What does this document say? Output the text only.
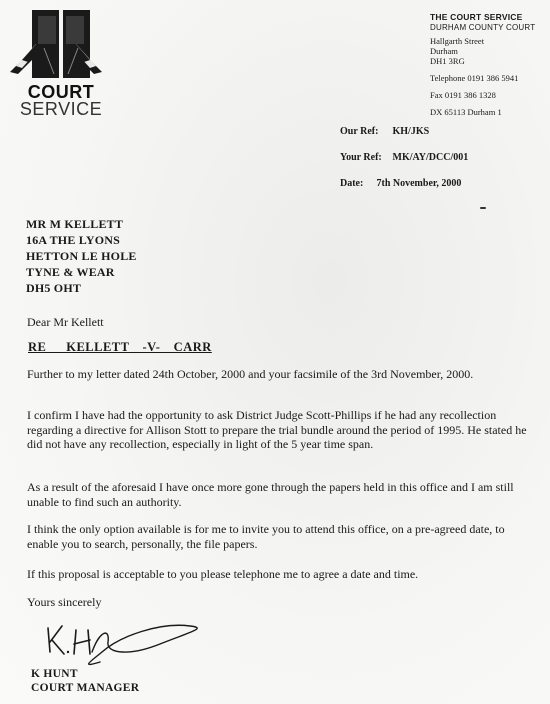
COURT
SERVICE
THE COURT SERVICE
DURHAM COUNTY COURT
Hallgarth Street
Durham
DH1 3RG
Telephone 0191 386 5941
Fax 0191 386 1328
DX 65113 Durham 1
Our Ref: KH/JKS
Your Ref: MK/AY/DCC/001
Date: 7th November, 2000
MR M KELLETT
16A THE LYONS
HETTON LE HOLE
TYNE & WEAR
DH5 OHT
Dear Mr Kellett
RE   KELLETT  -V-  CARR
Further to my letter dated 24th October, 2000 and your facsimile of the 3rd November, 2000.
I confirm I have had the opportunity to ask District Judge Scott-Phillips if he had any recollection regarding a directive for Allison Stott to prepare the trial bundle around the period of 1995. He stated he did not have any recollection, especially in light of the 5 year time span.
As a result of the aforesaid I have once more gone through the papers held in this office and I am still unable to find such an authority.
I think the only option available is for me to invite you to attend this office, on a pre-agreed date, to enable you to search, personally, the file papers.
If this proposal is acceptable to you please telephone me to agree a date and time.
Yours sincerely
K HUNT
COURT MANAGER
